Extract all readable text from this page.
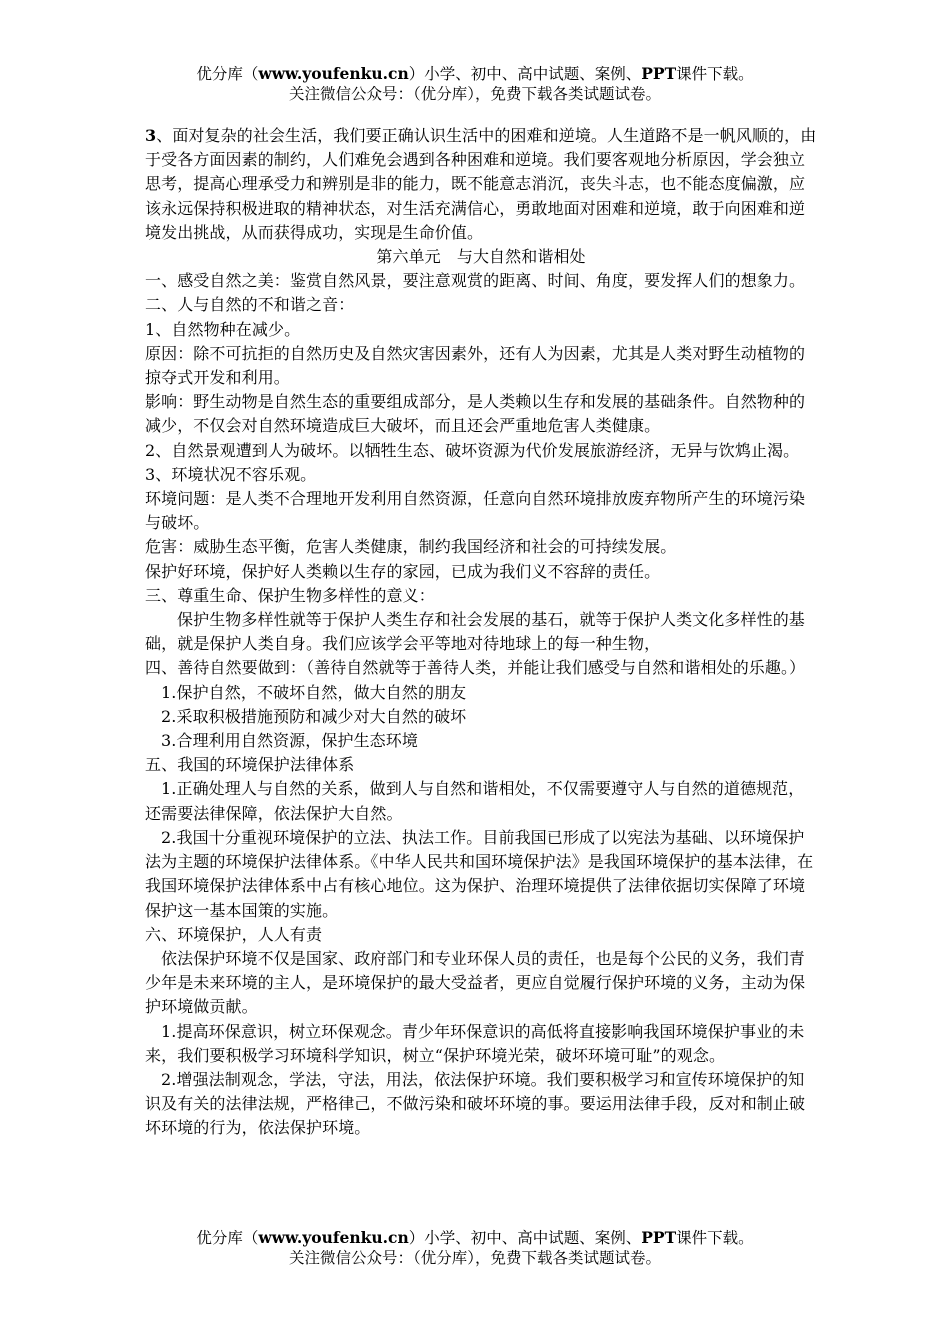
优分库（www.youfenku.cn）小学、初中、高中试题、案例、PPT课件下载。
关注微信公众号：（优分库），免费下载各类试题试卷。

3、面对复杂的社会生活，我们要正确认识生活中的困难和逆境。人生道路不是一帆风顺的，由于受各方面因素的制约，人们难免会遇到各种困难和逆境。我们要客观地分析原因，学会独立思考，提高心理承受力和辨别是非的能力，既不能意志消沉，丧失斗志，也不能态度偏激，应该永远保持积极进取的精神状态，对生活充满信心，勇敢地面对困难和逆境，敢于向困难和逆境发出挑战，从而获得成功，实现是生命价值。

第六单元　与大自然和谐相处

一、感受自然之美：鉴赏自然风景，要注意观赏的距离、时间、角度，要发挥人们的想象力。

二、人与自然的不和谐之音：

1、自然物种在减少。

原因：除不可抗拒的自然历史及自然灾害因素外，还有人为因素，尤其是人类对野生动植物的掠夺式开发和利用。

影响：野生动物是自然生态的重要组成部分，是人类赖以生存和发展的基础条件。自然物种的减少，不仅会对自然环境造成巨大破坏，而且还会严重地危害人类健康。

2、自然景观遭到人为破坏。以牺牲生态、破坏资源为代价发展旅游经济，无异与饮鸩止渴。

3、环境状况不容乐观。

环境问题：是人类不合理地开发利用自然资源，任意向自然环境排放废弃物所产生的环境污染与破坏。

危害：威胁生态平衡，危害人类健康，制约我国经济和社会的可持续发展。

保护好环境，保护好人类赖以生存的家园，已成为我们义不容辞的责任。

三、尊重生命、保护生物多样性的意义：

保护生物多样性就等于保护人类生存和社会发展的基石，就等于保护人类文化多样性的基础，就是保护人类自身。我们应该学会平等地对待地球上的每一种生物，

四、善待自然要做到：（善待自然就等于善待人类，并能让我们感受与自然和谐相处的乐趣。）

1.保护自然，不破坏自然，做大自然的朋友

2.采取积极措施预防和减少对大自然的破坏

3.合理利用自然资源，保护生态环境

五、我国的环境保护法律体系

1.正确处理人与自然的关系，做到人与自然和谐相处，不仅需要遵守人与自然的道德规范，还需要法律保障，依法保护大自然。

2.我国十分重视环境保护的立法、执法工作。目前我国已形成了以宪法为基础、以环境保护法为主题的环境保护法律体系。《中华人民共和国环境保护法》是我国环境保护的基本法律，在我国环境保护法律体系中占有核心地位。这为保护、治理环境提供了法律依据切实保障了环境保护这一基本国策的实施。

六、环境保护，人人有责

依法保护环境不仅是国家、政府部门和专业环保人员的责任，也是每个公民的义务，我们青少年是未来环境的主人，是环境保护的最大受益者，更应自觉履行保护环境的义务，主动为保护环境做贡献。

1.提高环保意识，树立环保观念。青少年环保意识的高低将直接影响我国环境保护事业的未来，我们要积极学习环境科学知识，树立“保护环境光荣，破坏环境可耻”的观念。

2.增强法制观念，学法，守法，用法，依法保护环境。我们要积极学习和宣传环境保护的知识及有关的法律法规，严格律己，不做污染和破坏环境的事。要运用法律手段，反对和制止破坏环境的行为，依法保护环境。

优分库（www.youfenku.cn）小学、初中、高中试题、案例、PPT课件下载。
关注微信公众号：（优分库），免费下载各类试题试卷。
